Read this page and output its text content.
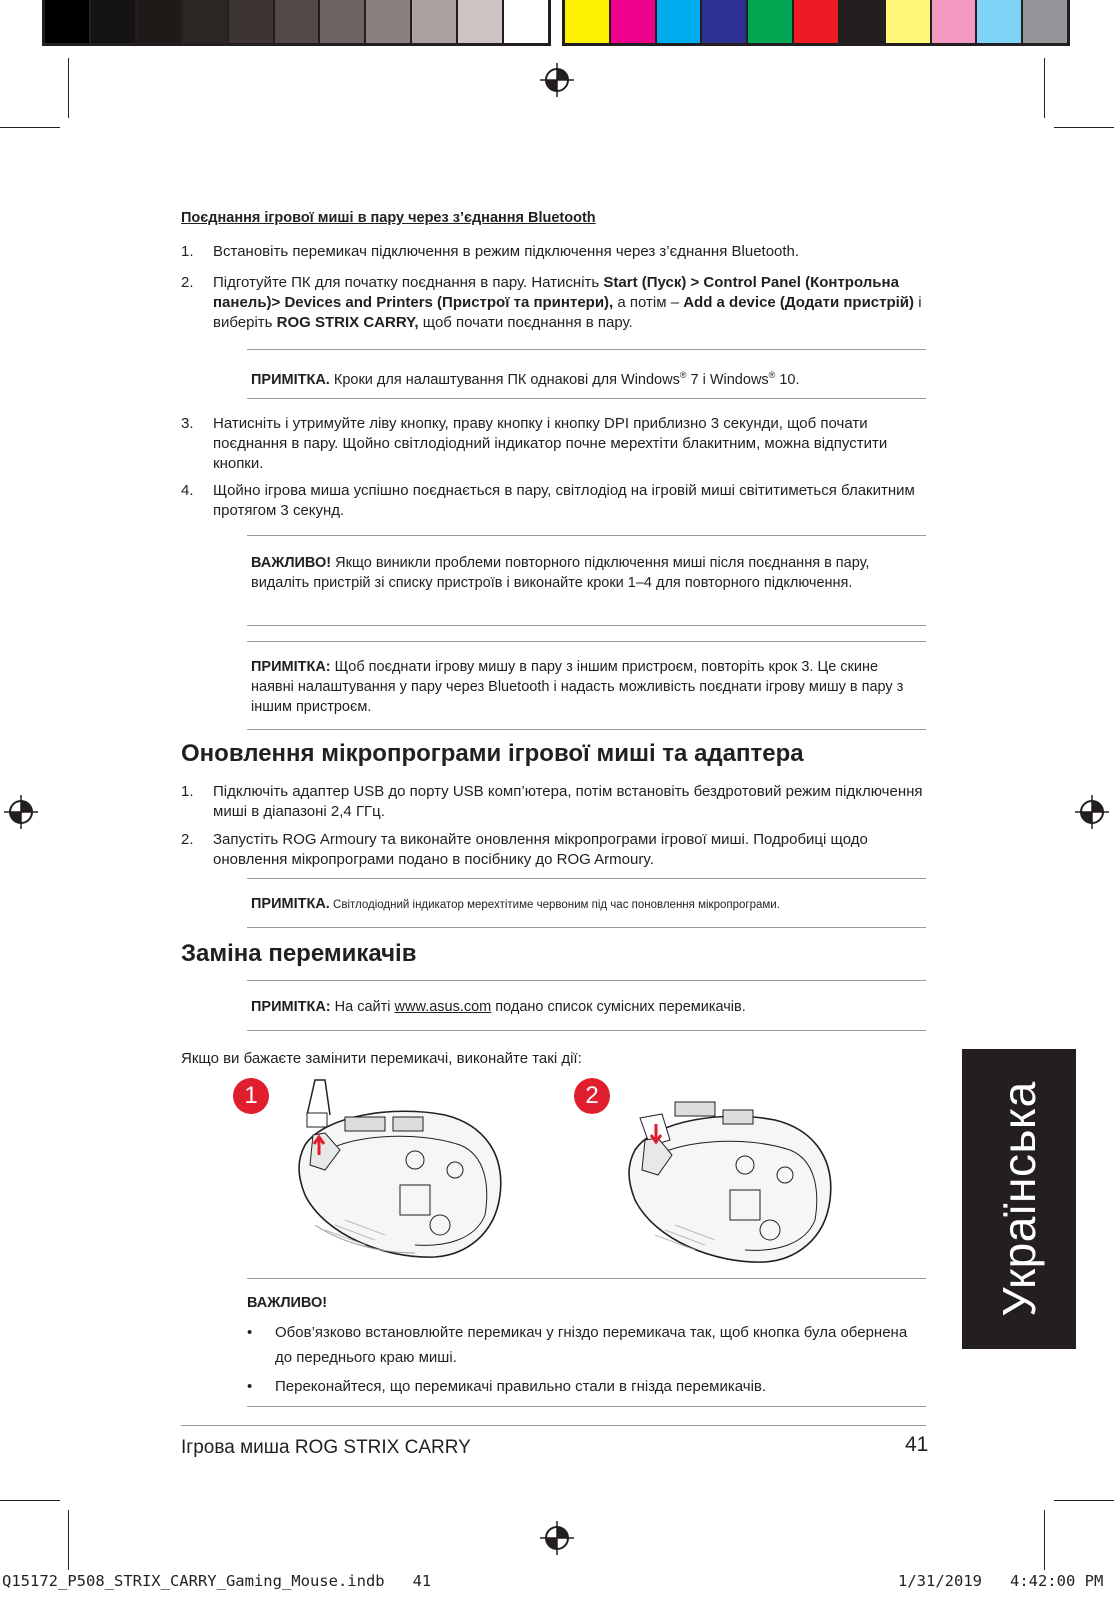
Поєднання ігрової миші в пару через з’єднання Bluetooth
1. Встановіть перемикач підключення в режим підключення через з’єднання Bluetooth.
2. Підготуйте ПК для початку поєднання в пару. Натисніть Start (Пуск) > Control Panel (Контрольна панель)> Devices and Printers (Пристрої та принтери), а потім – Add a device (Додати пристрій) і виберіть ROG STRIX CARRY, щоб почати поєднання в пару.
ПРИМІТКА. Кроки для налаштування ПК однакові для Windows® 7 і Windows® 10.
3. Натисніть і утримуйте ліву кнопку, праву кнопку і кнопку DPI приблизно 3 секунди, щоб почати поєднання в пару. Щойно світлодіодний індикатор почне мерехтіти блакитним, можна відпустити кнопки.
4. Щойно ігрова миша успішно поєднається в пару, світлодіод на ігровій миші світитиметься блакитним протягом 3 секунд.
ВАЖЛИВО! Якщо виникли проблеми повторного підключення миші після поєднання в пару, видаліть пристрій зі списку пристроїв і виконайте кроки 1–4 для повторного підключення.
ПРИМІТКА: Щоб поєднати ігрову мишу в пару з іншим пристроєм, повторіть крок 3. Це скине наявні налаштування у пару через Bluetooth і надасть можливість поєднати ігрову мишу в пару з іншим пристроєм.
Оновлення мікропрограми ігрової миші та адаптера
1. Підключіть адаптер USB до порту USB комп’ютера, потім встановіть бездротовий режим підключення миші в діапазоні 2,4 ГГц.
2. Запустіть ROG Armoury та виконайте оновлення мікропрограми ігрової миші. Подробиці щодо оновлення мікропрограми подано в посібнику до ROG Armoury.
ПРИМІТКА. Світлодіодний індикатор мерехтітиме червоним під час поновлення мікропрограми.
Заміна перемикачів
ПРИМІТКА: На сайті www.asus.com подано список сумісних перемикачів.
Якщо ви бажаєте замінити перемикачі, виконайте такі дії:
1	2
ВАЖЛИВО!
• Обов’язково встановлюйте перемикач у гніздо перемикача так, щоб кнопка була обернена до переднього краю миші.
• Переконайтеся, що перемикачі правильно стали в гнізда перемикачів.
Українська
Ігрова миша ROG STRIX CARRY	41
Q15172_P508_STRIX_CARRY_Gaming_Mouse.indb   41	1/31/2019   4:42:00 PM
